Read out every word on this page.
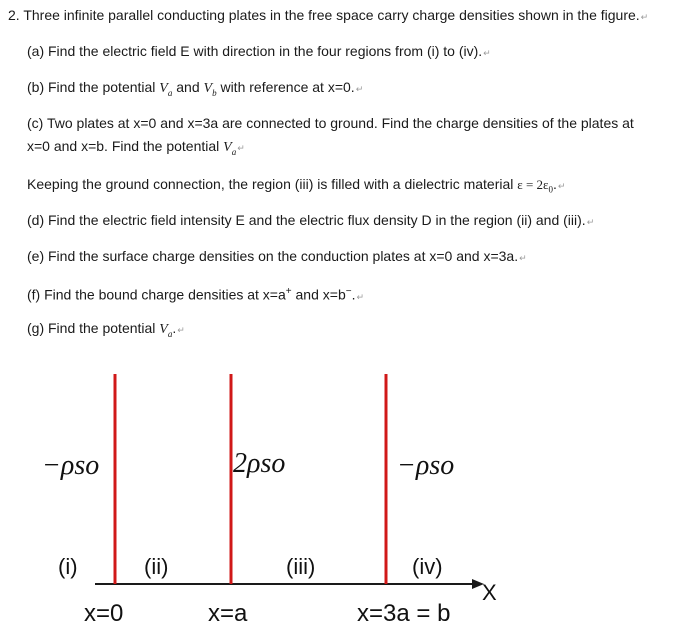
2. Three infinite parallel conducting plates in the free space carry charge densities shown in the figure.↵
(a) Find the electric field E with direction in the four regions from (i) to (iv).↵
(b) Find the potential $V_a$ and $V_b$ with reference at x=0.↵
(c) Two plates at x=0 and x=3a are connected to ground. Find the charge densities of the plates at
x=0 and x=b. Find the potential $V_a↵$
Keeping the ground connection, the region (iii) is filled with a dielectric material $\varepsilon = 2\varepsilon_0.↵$
(d) Find the electric field intensity E and the electric flux density D in the region (ii) and (iii).↵
(e) Find the surface charge densities on the conduction plates at x=0 and x=3a.↵
(f) Find the bound charge densities at x=a+ and x=b−.↵
(g) Find the potential $V_a.↵$
X
−ρso	2ρso	−ρso
(i)	(ii)	(iii)	(iv)
x=0	x=a	x=3a = b
